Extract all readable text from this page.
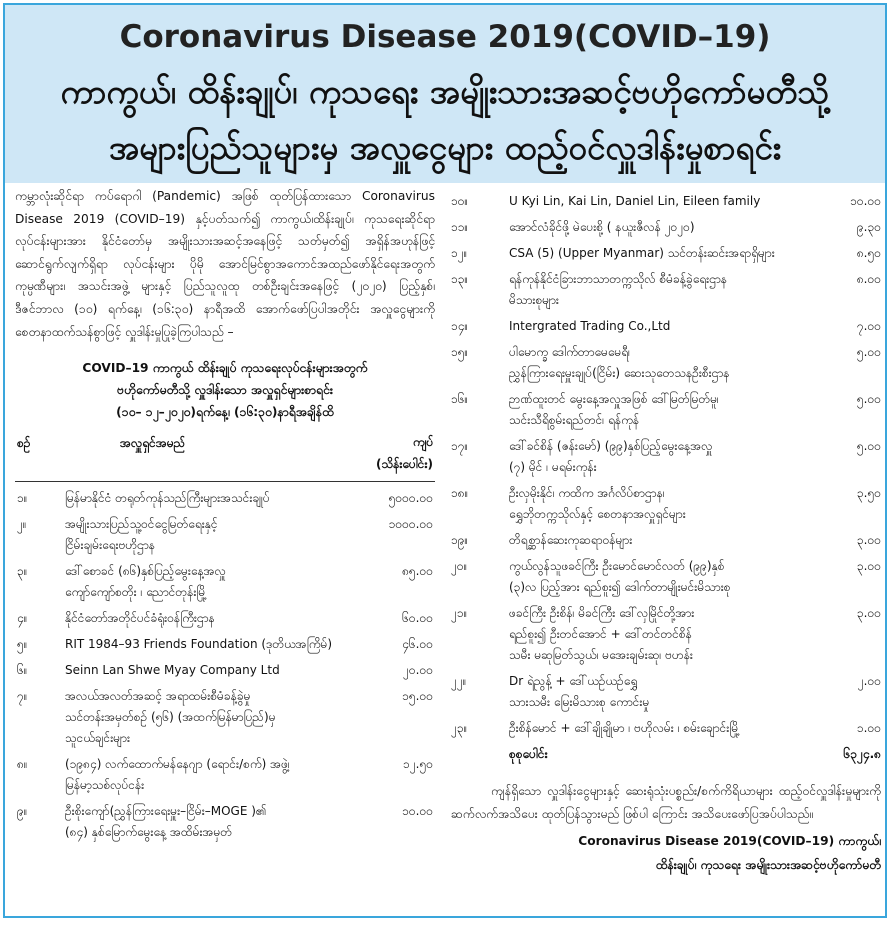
Coronavirus Disease 2019(COVID–19)
ကာကွယ်၊ ထိန်းချုပ်၊ ကုသရေး အမျိုးသားအဆင့်ဗဟိုကော်မတီသို့
အများပြည်သူများမှ အလှူငွေများ ထည့်ဝင်လှူဒါန်းမှုစာရင်း

ကမ္ဘာလုံးဆိုင်ရာ ကပ်ရောဂါ (Pandemic) အဖြစ် ထုတ်ပြန်ထားသော Coronavirus Disease 2019 (COVID–19) နှင့်ပတ်သက်၍ ကာကွယ်၊ထိန်းချုပ်၊ ကုသရေးဆိုင်ရာလုပ်ငန်းများအား နိုင်ငံတော်မှ အမျိုးသားအဆင့်အနေဖြင့် သတ်မှတ်၍ အရှိန်အဟုန်ဖြင့် ဆောင်ရွက်လျက်ရှိရာ လုပ်ငန်းများ ပိုမို အောင်မြင်စွာအကောင်အထည်ဖော်နိုင်ရေးအတွက် ကုမ္ပဏီများ၊ အသင်းအဖွဲ့ များနှင့် ပြည်သူလူထု တစ်ဦးချင်းအနေဖြင့် (၂၀၂၀) ပြည့်နှစ်၊ ဒီဇင်ဘာလ (၁၀) ရက်နေ့၊ (၁၆:၃၀) နာရီအထိ အောက်ဖော်ပြပါအတိုင်း အလှူငွေများကို စေတနာထက်သန်စွာဖြင့် လှူဒါန်းမှုပြုခဲ့ကြပါသည် –

COVID–19 ကာကွယ် ထိန်းချုပ် ကုသရေးလုပ်ငန်းများအတွက်
ဗဟိုကော်မတီသို့ လှူဒါန်းသော အလှူရှင်များစာရင်း
(၁၀– ၁၂–၂၀၂၀)ရက်နေ့၊ (၁၆:၃၀)နာရီအချိန်ထိ
စဉ်	အလှူရှင်အမည်	ကျပ်
(သိန်းပေါင်း)
၁။	မြန်မာနိုင်ငံ တရုတ်ကုန်သည်ကြီးများအသင်းချုပ်	၅၀၀၀.၀၀
၂။	အမျိုးသားပြည်သူ့ဝင်ငွေမြတ်ရေးနှင့်
ငြိမ်းချမ်းရေးဗဟိုဌာန
၁၀၀၀.၀၀
၃။	ဒေါ်စောခင် (၈၆)နှစ်ပြည့်မွေးနေ့အလှူ
ကျော်ကျော်စတိုး ၊ ညောင်တုန်းမြို့
၈၅.၀၀
၄။	နိုင်ငံတော်အတိုင်ပင်ခံရုံးဝန်ကြီးဌာန	၆၀.၀၀
၅။	RIT 1984–93 Friends Foundation (ဒုတိယအကြိမ်)	၄၆.၀၀
၆။	Seinn Lan Shwe Myay Company Ltd	၂၀.၀၀
၇။	အလယ်အလတ်အဆင့် အရာထမ်းစီမံခန့်ခွဲမှု
သင်တန်းအမှတ်စဉ် (၅၆) (အထက်မြန်မာပြည်)မှ
သူငယ်ချင်းများ
၁၅.၀၀
၈။	(၁၉၈၄) လက်ထောက်မန်နေဂျာ (ရောင်း/စက်) အဖွဲ့၊
မြန်မာ့သစ်လုပ်ငန်း
၁၂.၅၀
၉။	ဦးစိုးကျော်(ညွှန်ကြားရေးမှူး–ငြိမ်း–MOGE )၏
(၈၄) နှစ်မြောက်မွေးနေ့ အထိမ်းအမှတ်
၁၀.၀၀
၁၀။	U Kyi Lin, Kai Lin, Daniel Lin, Eileen family	၁၀.၀၀
၁၁။	အောင်လံခိုင်ဖို့ မဲပေးစို့ ( နယူးဇီလန် ၂၀၂၀)	၉.၃၀
၁၂။	CSA (5) (Upper Myanmar) သင်တန်းဆင်းအရာရှိများ	၈.၅၀
၁၃။	ရန်ကုန်နိုင်ငံခြားဘာသာတက္ကသိုလ် စီမံခန့်ခွဲရေးဌာန
မိသားစုများ
၈.၀၀
၁၄။	Intergrated Trading Co.,Ltd	၇.၀၀
၁၅။	ပါမောက္ခ ဒေါက်တာမေမေရီ၊
ညွှန်ကြားရေးမှူးချုပ်(ငြိမ်း) ဆေးသုတေသနဦးစီးဌာန
၅.၀၀
၁၆။	ဉာဏ်ထူးတင် မွေးနေ့အလှူအဖြစ် ဒေါ်မြတ်မြတ်မူ၊
သင်းသီရိစွမ်းရည်တင်၊ ရန်ကုန်
၅.၀၀
၁၇။	ဒေါ်ခင်စိန် (ဇန်းမော်) (၉၉)နှစ်ပြည့်မွေးနေ့အလှူ
(၇) မိုင် ၊ မရမ်းကုန်း
၅.၀၀
၁၈။	ဦးလှမိုးနိုင်၊ ကထိက အင်္ဂလိပ်စာဌာန၊
ရွှေဘိုတက္ကသိုလ်နှင့် စေတနာအလှူရှင်များ
၃.၅၀
၁၉။	တိရစ္ဆာန်ဆေးကုဆရာဝန်များ	၃.၀၀
၂၀။	ကွယ်လွန်သူဖခင်ကြီး ဦးမောင်မောင်လတ် (၉၉)နှစ်
(၃)လ ပြည့်အား ရည်စူး၍ ဒေါက်တာမျိုးမင်းမိသားစု
၃.၀၀
၂၁။	ဖခင်ကြီး ဦးစိန်၊ မိခင်ကြီး ဒေါ်လှမြိုင်တို့အား
ရည်စူး၍ ဦးတင်အောင် + ဒေါ်တင်တင်စိန်
သမီး မဆုမြတ်သွယ်၊ မအေးချမ်းဆု၊ ဗဟန်း
၃.၀၀
၂၂။	Dr ရဲညွန့် + ဒေါ်ယဉ်ယဉ်ရွှေ
သားသမီး မြေးမိသားစု ကောင်းမှု
၂.၀၀
၂၃။	ဦးစိန်မောင် + ဒေါ်ချိုချိုမာ ၊ ဗဟိုလမ်း ၊ စမ်းချောင်းမြို့	၁.၀၀
စုစုပေါင်း	၆၃၂၄.၈
ကျန်ရှိသော လှူဒါန်းငွေများနှင့် ဆေးရုံသုံးပစ္စည်း/စက်ကိရိယာများ ထည့်ဝင်လှူဒါန်းမှုများကို ဆက်လက်အသိပေး ထုတ်ပြန်သွားမည် ဖြစ်ပါ ကြောင်း အသိပေးဖော်ပြအပ်ပါသည်။
Coronavirus Disease 2019(COVID–19) ကာကွယ်၊
ထိန်းချုပ်၊ ကုသရေး အမျိုးသားအဆင့်ဗဟိုကော်မတီ
